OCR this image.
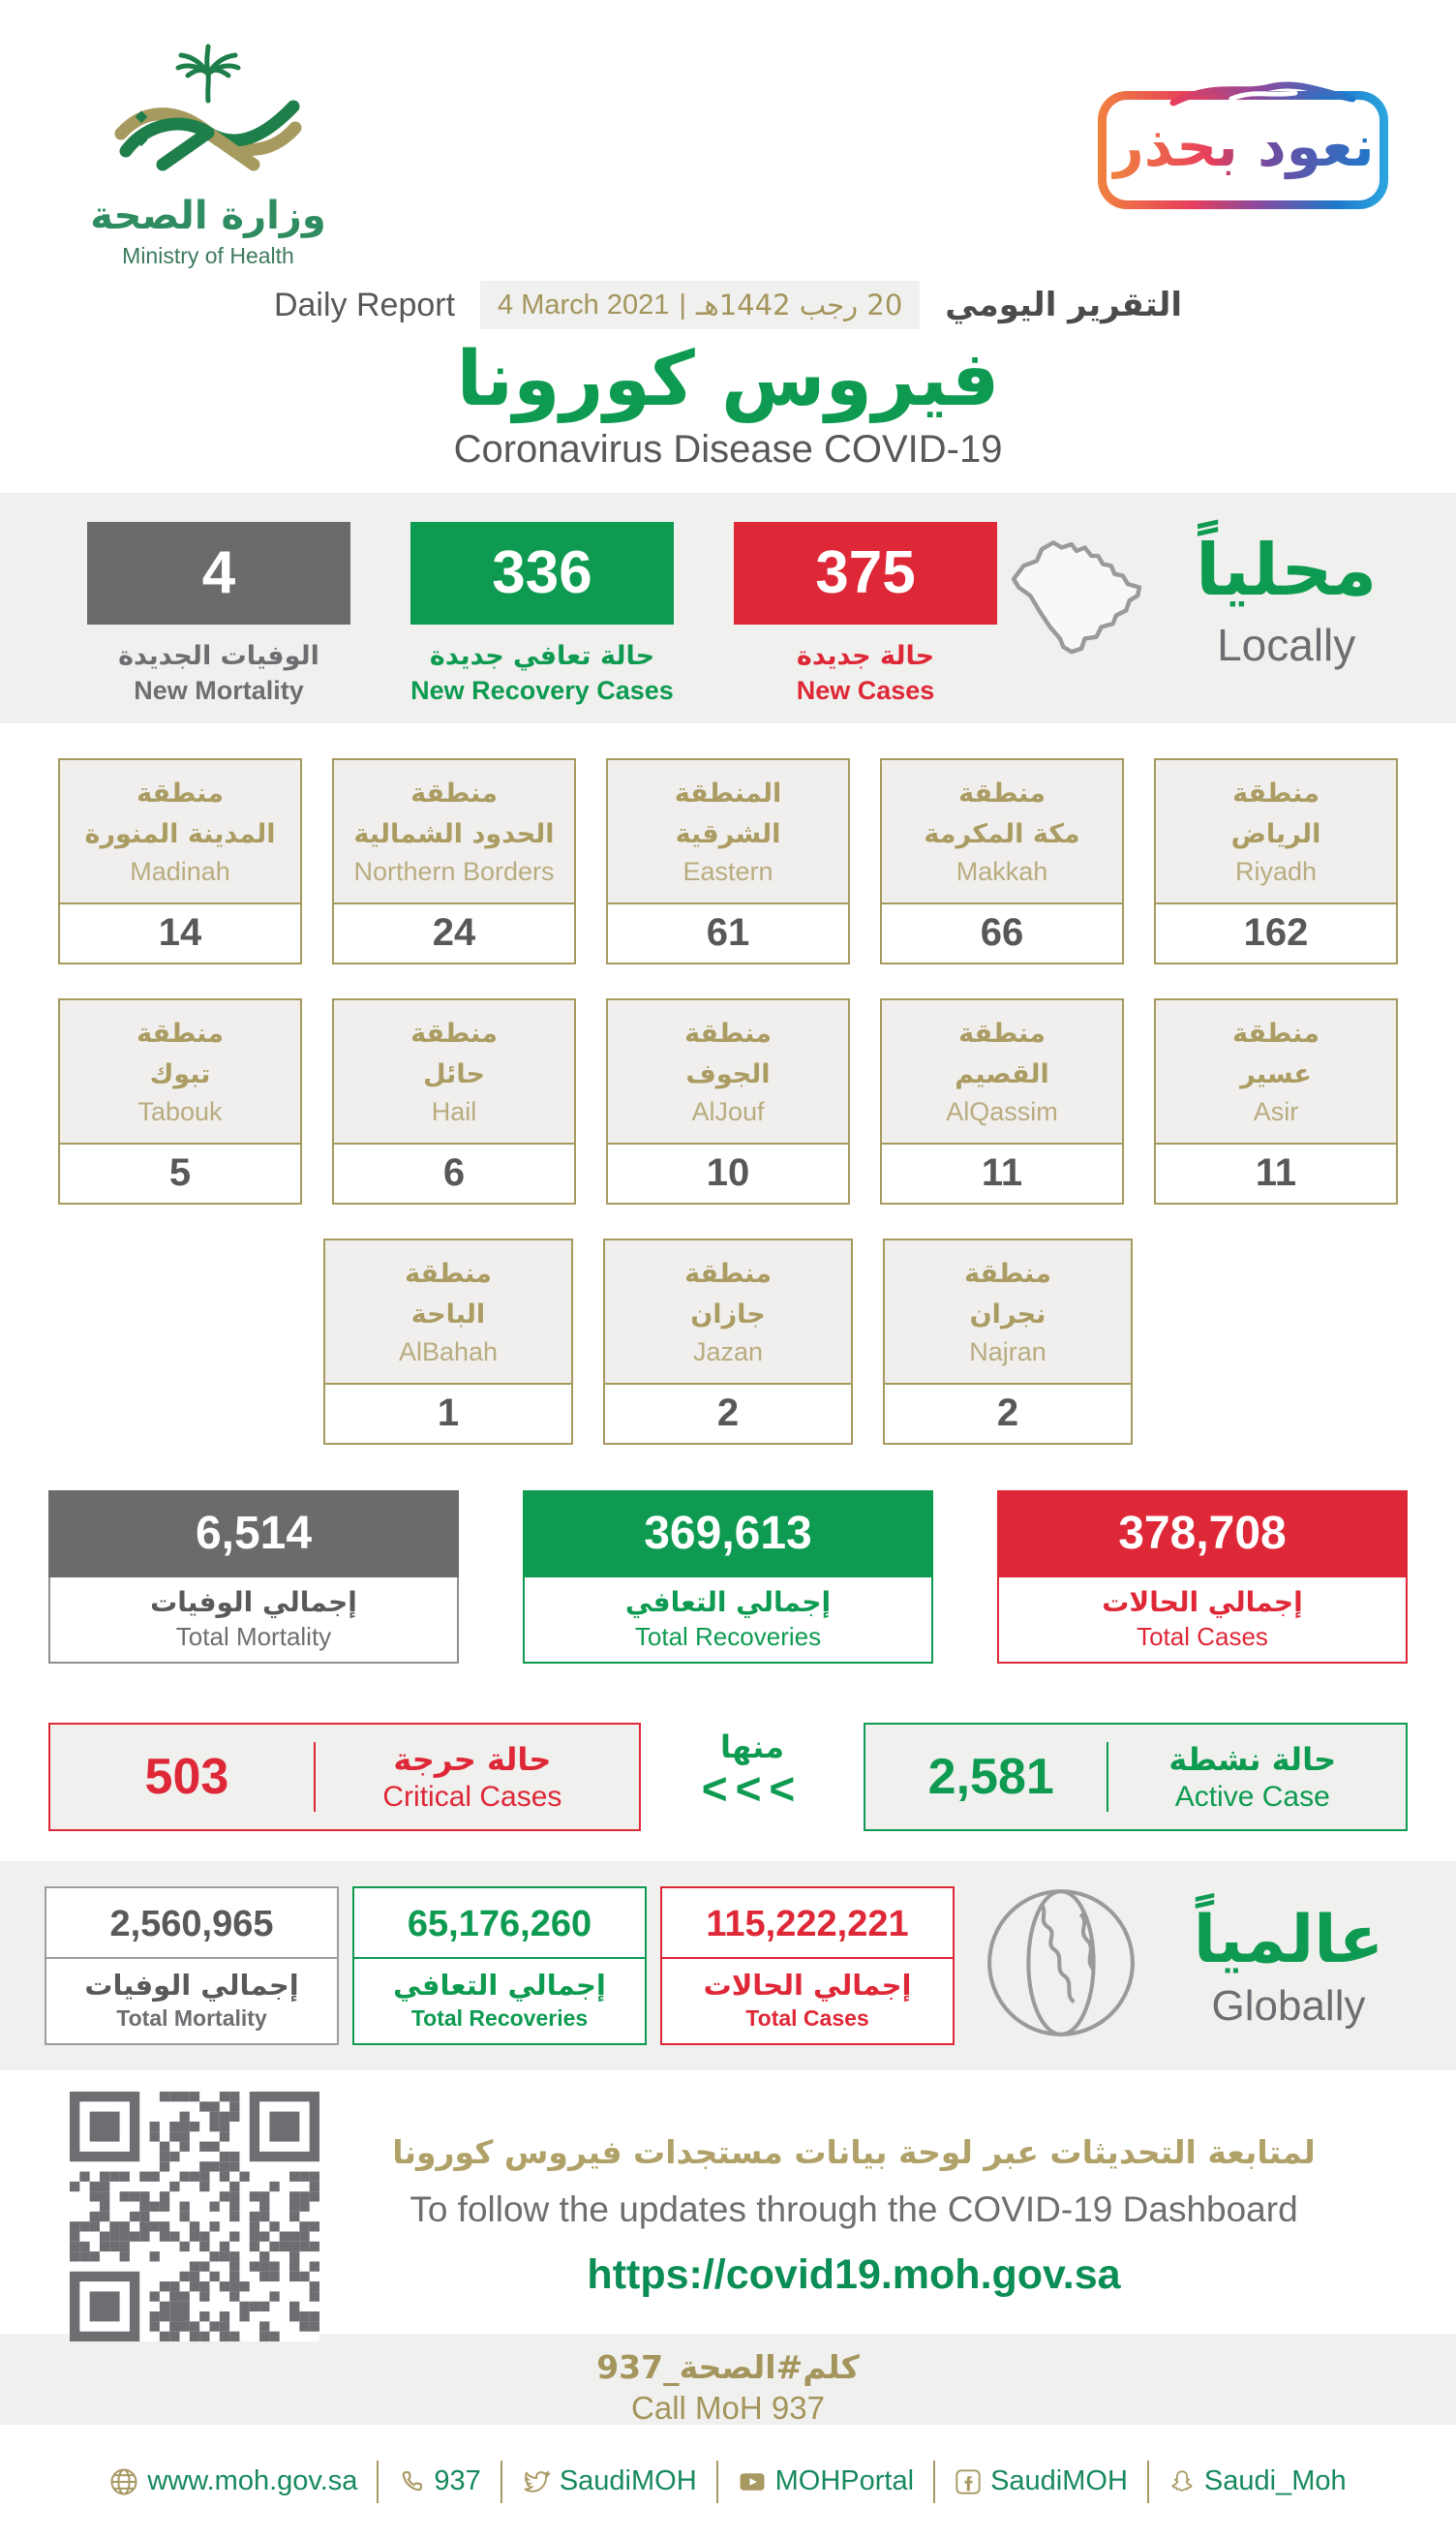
وزارة الصحة
Ministry of Health
نعود بحذر
Daily Report 4 March 2021 | 20 رجب 1442هـ التقرير اليومي
فيروس كورونا
Coronavirus Disease COVID-19
4
الوفيات الجديدة
New Mortality
336
حالة تعافي جديدة
New Recovery Cases
375
حالة جديدة
New Cases
محلياً
Locally
منطقة
المدينة المنورة
Madinah
14
منطقة
الحدود الشمالية
Northern Borders
24
المنطقة
الشرقية
Eastern
61
منطقة
مكة المكرمة
Makkah
66
منطقة
الرياض
Riyadh
162
منطقة
تبوك
Tabouk
5
منطقة
حائل
Hail
6
منطقة
الجوف
AlJouf
10
منطقة
القصيم
AlQassim
11
منطقة
عسير
Asir
11
منطقة
الباحة
AlBahah
1
منطقة
جازان
Jazan
2
منطقة
نجران
Najran
2
6,514
إجمالي الوفيات
Total Mortality
369,613
إجمالي التعافي
Total Recoveries
378,708
إجمالي الحالات
Total Cases
503	حالة حرجة
Critical Cases
منها
<<<	2,581	حالة نشطة
Active Case
2,560,965
إجمالي الوفيات
Total Mortality
65,176,260
إجمالي التعافي
Total Recoveries
115,222,221
إجمالي الحالات
Total Cases
عالمياً
Globally
لمتابعة التحديثات عبر لوحة بيانات مستجدات فيروس كورونا
To follow the updates through the COVID-19 Dashboard
https://covid19.moh.gov.sa
كلم#الصحة_937
Call MoH 937
www.moh.gov.sa	937	SaudiMOH	MOHPortal	SaudiMOH	Saudi_Moh
